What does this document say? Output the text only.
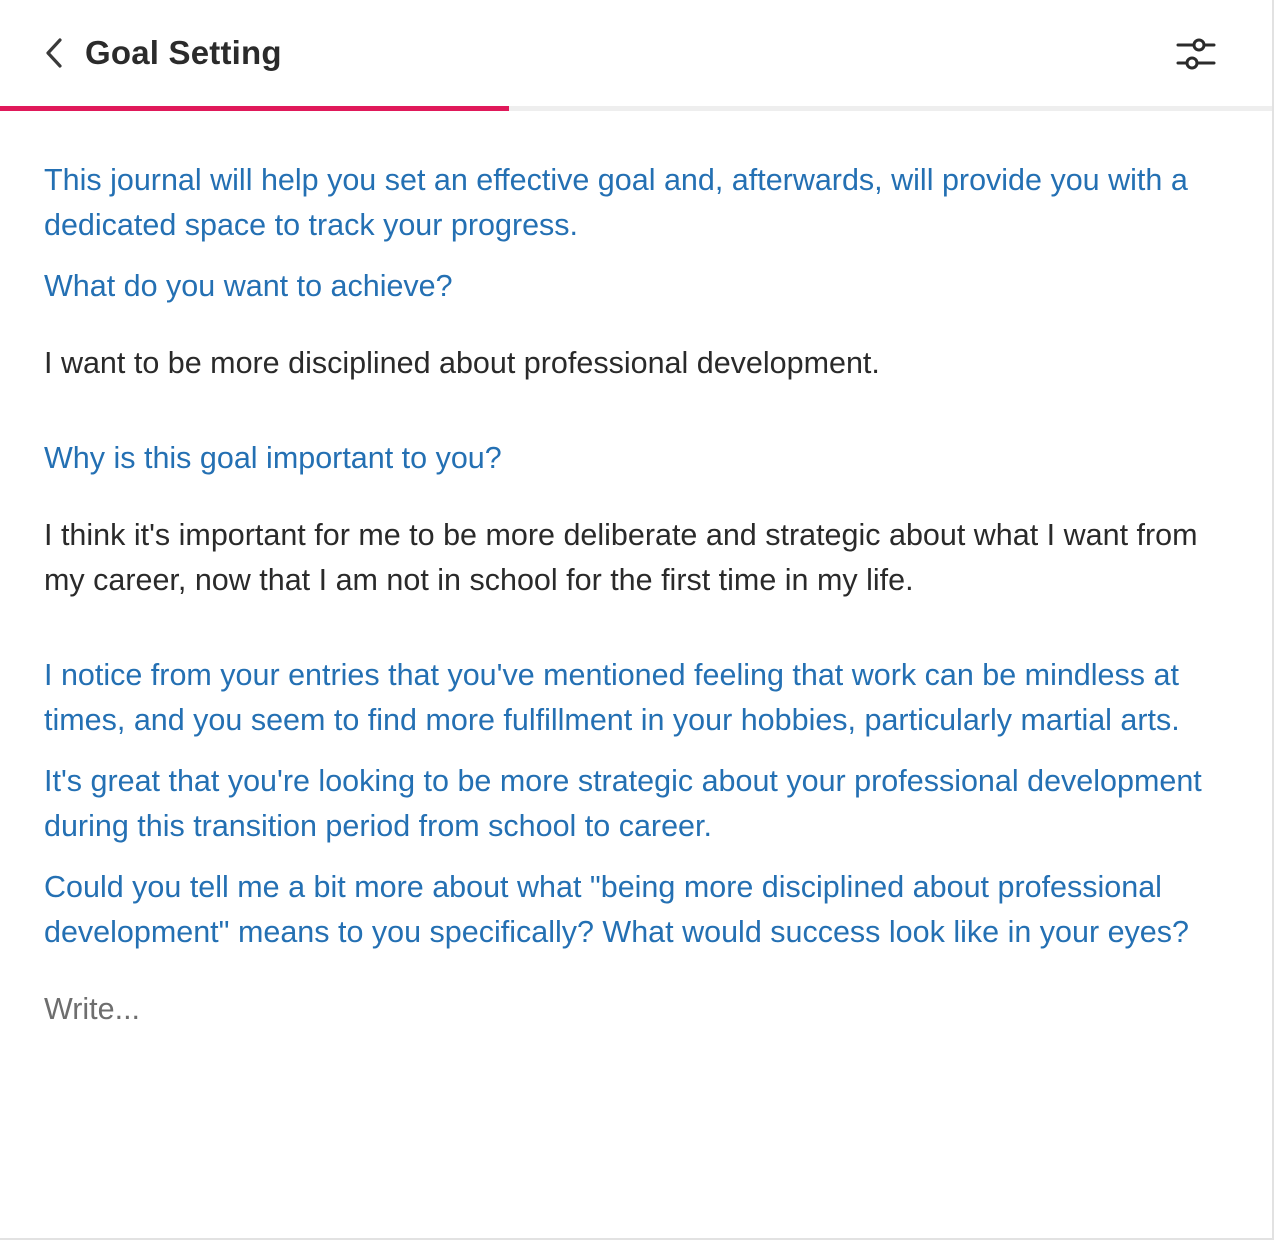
Goal Setting

This journal will help you set an effective goal and, afterwards, will provide you with a dedicated space to track your progress.

What do you want to achieve?

I want to be more disciplined about professional development.

Why is this goal important to you?

I think it's important for me to be more deliberate and strategic about what I want from my career, now that I am not in school for the first time in my life.

I notice from your entries that you've mentioned feeling that work can be mindless at times, and you seem to find more fulfillment in your hobbies, particularly martial arts.

It's great that you're looking to be more strategic about your professional development during this transition period from school to career.

Could you tell me a bit more about what "being more disciplined about professional development" means to you specifically? What would success look like in your eyes?

Write...
